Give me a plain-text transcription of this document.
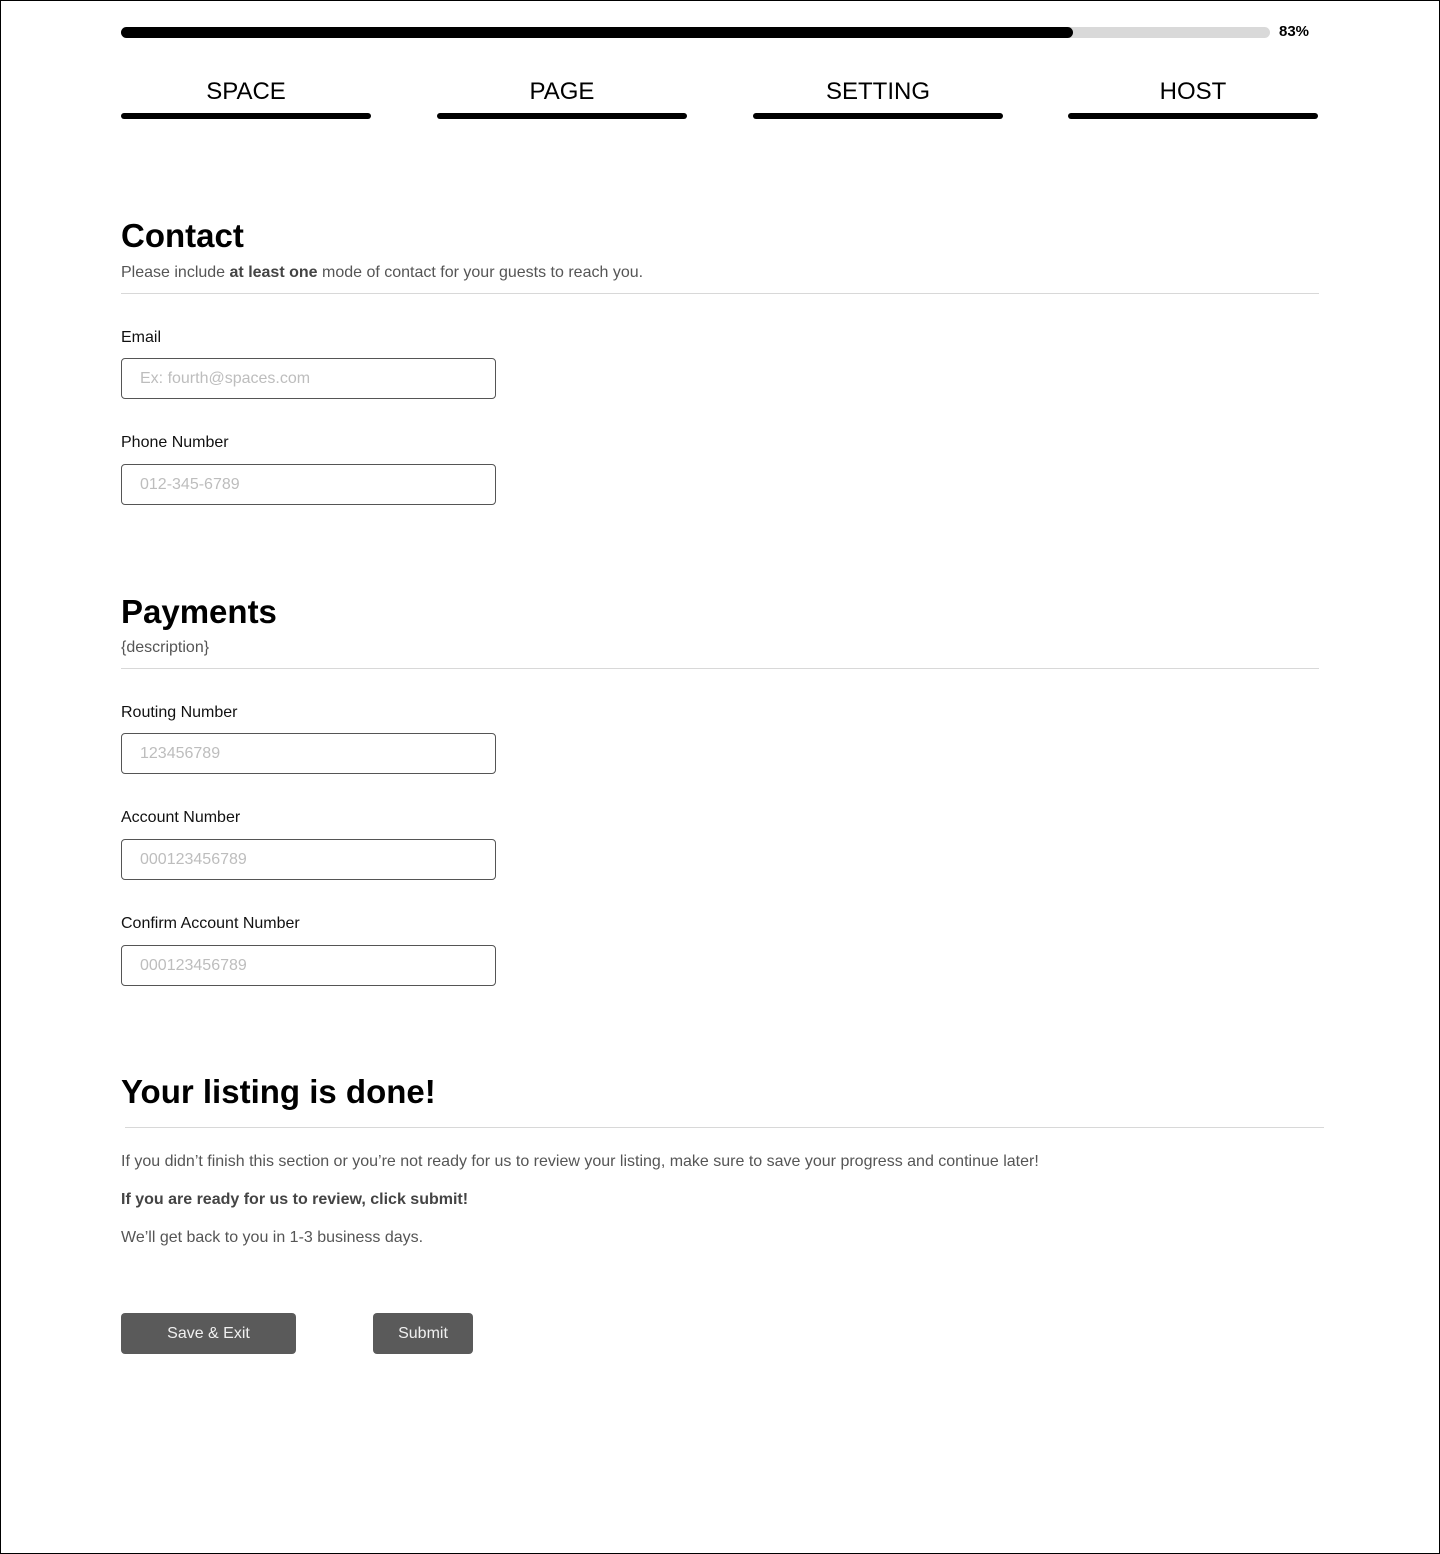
83%
SPACE	PAGE	SETTING	HOST
Contact

Please include at least one mode of contact for your guests to reach you.

Email
Ex: fourth@spaces.com
Phone Number
012-345-6789
Payments

{description}

Routing Number
123456789
Account Number
000123456789
Confirm Account Number
000123456789
Your listing is done!

If you didn’t finish this section or you’re not ready for us to review your listing, make sure to save your progress and continue later!

If you are ready for us to review, click submit!

We’ll get back to you in 1-3 business days.

Save & Exit	Submit
